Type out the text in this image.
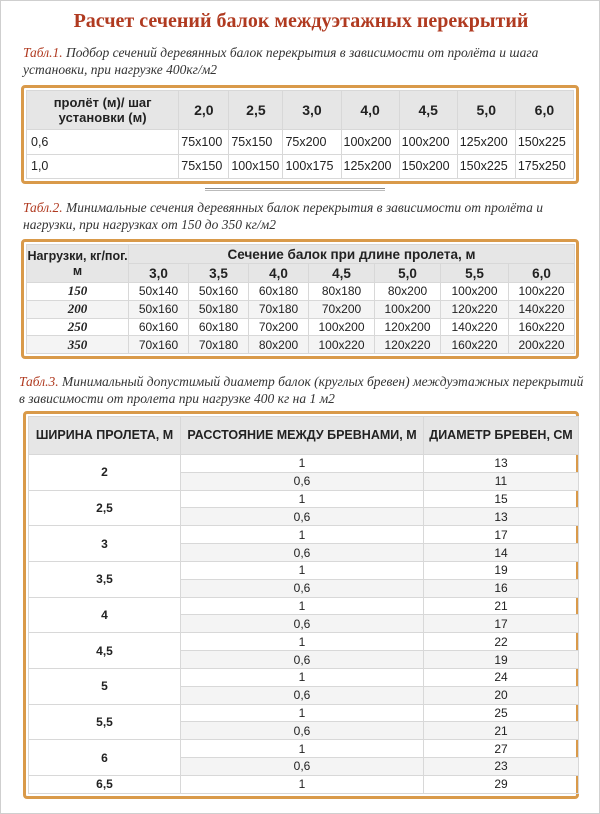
Расчет сечений балок междуэтажных перекрытий
Табл.1. Подбор сечений деревянных балок перекрытия в зависимости от пролёта и шага установки, при нагрузке 400кг/м2
пролёт (м)/ шаг установки (м)	2,0	2,5	3,0	4,0	4,5	5,0	6,0
0,6	75x100	75x150	75x200	100x200	100x200	125x200	150x225
1,0	75x150	100x150	100x175	125x200	150x200	150x225	175x250
Табл.2. Минимальные сечения деревянных балок перекрытия в зависимости от пролёта и нагрузки, при нагрузках от 150 до 350 кг/м2
Нагрузки, кг/пог. м	Сечение балок при длине пролета, м						
	3,0	3,5	4,0	4,5	5,0	5,5	6,0
150	50x140	50x160	60x180	80x180	80x200	100x200	100x220
200	50x160	50x180	70x180	70x200	100x200	120x220	140x220
250	60x160	60x180	70x200	100x200	120x200	140x220	160x220
350	70x160	70x180	80x200	100x220	120x220	160x220	200x220
Табл.3. Минимальный допустимый диаметр балок (круглых бревен) междуэтажных перекрытий в зависимости от пролета при нагрузке 400 кг на 1 м2
ШИРИНА ПРОЛЕТА, М	РАССТОЯНИЕ МЕЖДУ БРЕВНАМИ, М	ДИАМЕТР БРЕВЕН, СМ
2	1	13
	0,6	11
2,5	1	15
	0,6	13
3	1	17
	0,6	14
3,5	1	19
	0,6	16
4	1	21
	0,6	17
4,5	1	22
	0,6	19
5	1	24
	0,6	20
5,5	1	25
	0,6	21
6	1	27
	0,6	23
6,5	1	29
